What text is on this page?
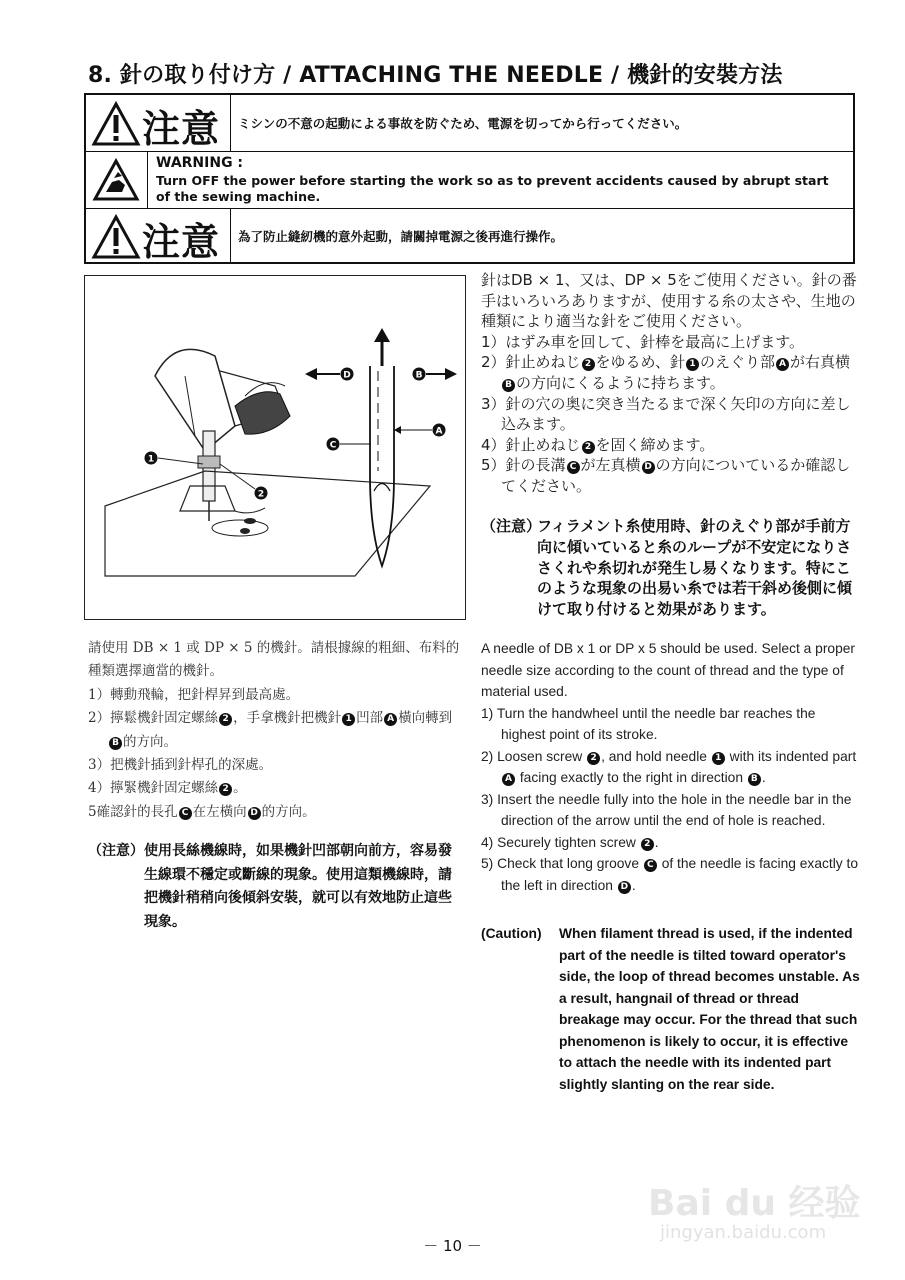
8. 針の取り付け方 / ATTACHING THE NEEDLE / 機針的安裝方法
注意 ミシンの不意の起動による事故を防ぐため、電源を切ってから行ってください。
WARNING :
Turn OFF the power before starting the work so as to prevent accidents caused by abrupt start of the sewing machine.
注意 為了防止縫紉機的意外起動，請關掉電源之後再進行操作。
1
2
D	B
C
A

針はDB × 1、又は、DP × 5をご使用ください。針の番手はいろいろありますが、使用する糸の太さや、生地の種類により適当な針をご使用ください。

1）はずみ車を回して、針棒を最高に上げます。

2）針止めねじ 2 をゆるめ、針 1 のえぐり部 A が右真横B の方向にくるように持ちます。

3）針の穴の奥に突き当たるまで深く矢印の方向に差し込みます。

4）針止めねじ 2 を固く締めます。

5）針の長溝 C が左真横 D の方向についているか確認してください。

（注意）
フィラメント糸使用時、針のえぐり部が手前方向に傾いていると糸のループが不安定になりささくれや糸切れが発生し易くなります。特にこのような現象の出易い糸では若干斜め後側に傾けて取り付けると効果があります。

請使用 DB × 1 或 DP × 5 的機針。請根據線的粗細、布料的種類選擇適當的機針。

1）轉動飛輪，把針桿昇到最高處。

2）擰鬆機針固定螺絲 2 ，手拿機針把機針 1 凹部 A 橫向轉到B 的方向。

3）把機針插到針桿孔的深處。

4）擰緊機針固定螺絲 2 。

5確認針的長孔 C 在左橫向 D 的方向。

（注意） 使用長絲機線時，如果機針凹部朝向前方，容易發生線環不穩定或斷線的現象。使用這類機線時，請把機針稍稍向後傾斜安裝，就可以有效地防止這些現象。

A needle of DB x 1 or DP x 5 should be used. Select a proper needle size according to the count of thread and the type of material used.

1) Turn the handwheel until the needle bar reaches the highest point of its stroke.

2) Loosen screw 2 , and hold needle 1 with its indented part A facing exactly to the right in direction B .

3) Insert the needle fully into the hole in the needle bar in the direction of the arrow until the end of hole is reached.

4) Securely tighten screw 2 .

5) Check that long groove C of the needle is facing exactly to the left in direction D .

(Caution)	When filament thread is used, if the indented part of the needle is tilted toward operator's side, the loop of thread becomes unstable. As a result, hangnail of thread or thread breakage may occur. For the thread that such phenomenon is likely to occur, it is effective to attach the needle with its indented part slightly slanting on the rear side.
Bai du 经验
jingyan.baidu.com
－ 10 －
